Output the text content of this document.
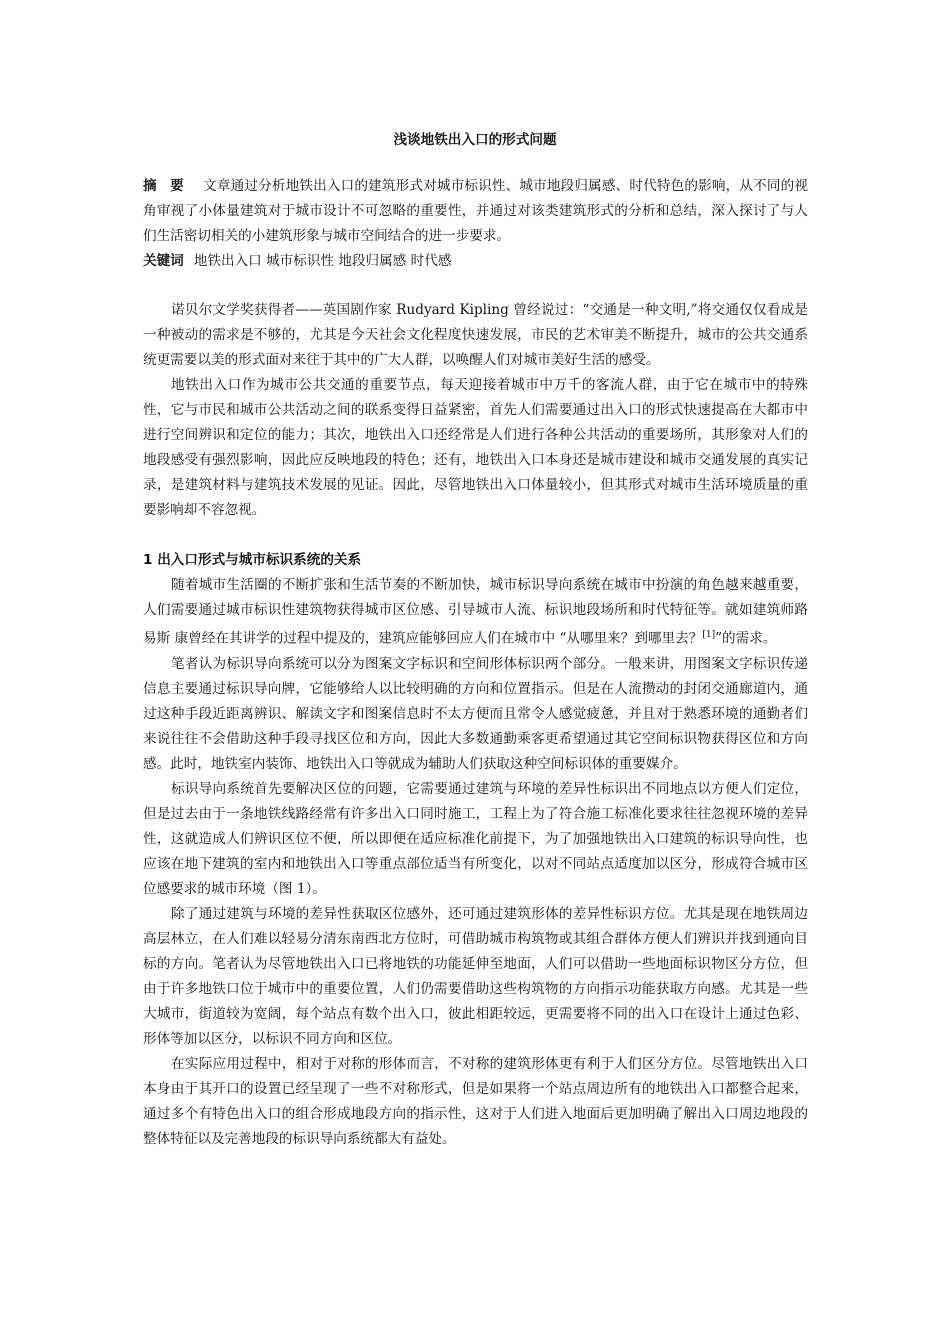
浅谈地铁出入口的形式问题
摘　要 文章通过分析地铁出入口的建筑形式对城市标识性、城市地段归属感、时代特色的影响，从不同的视角审视了小体量建筑对于城市设计不可忽略的重要性，并通过对该类建筑形式的分析和总结，深入探讨了与人们生活密切相关的小建筑形象与城市空间结合的进一步要求。
关键词 地铁出入口 城市标识性 地段归属感 时代感

诺贝尔文学奖获得者——英国剧作家 Rudyard Kipling 曾经说过：“交通是一种文明,”将交通仅仅看成是一种被动的需求是不够的，尤其是今天社会文化程度快速发展，市民的艺术审美不断提升，城市的公共交通系统更需要以美的形式面对来往于其中的广大人群，以唤醒人们对城市美好生活的感受。

地铁出入口作为城市公共交通的重要节点，每天迎接着城市中万千的客流人群，由于它在城市中的特殊性，它与市民和城市公共活动之间的联系变得日益紧密，首先人们需要通过出入口的形式快速提高在大都市中进行空间辨识和定位的能力；其次，地铁出入口还经常是人们进行各种公共活动的重要场所，其形象对人们的地段感受有强烈影响，因此应反映地段的特色；还有，地铁出入口本身还是城市建设和城市交通发展的真实记录，是建筑材料与建筑技术发展的见证。因此，尽管地铁出入口体量较小，但其形式对城市生活环境质量的重要影响却不容忽视。

1 出入口形式与城市标识系统的关系

随着城市生活圈的不断扩张和生活节奏的不断加快，城市标识导向系统在城市中扮演的角色越来越重要，人们需要通过城市标识性建筑物获得城市区位感、引导城市人流、标识地段场所和时代特征等。就如建筑师路易斯 康曾经在其讲学的过程中提及的，建筑应能够回应人们在城市中 “从哪里来？到哪里去？[1]”的需求。

笔者认为标识导向系统可以分为图案文字标识和空间形体标识两个部分。一般来讲，用图案文字标识传递信息主要通过标识导向牌，它能够给人以比较明确的方向和位置指示。但是在人流攒动的封闭交通廊道内，通过这种手段近距离辨识、解读文字和图案信息时不太方便而且常令人感觉疲惫，并且对于熟悉环境的通勤者们来说往往不会借助这种手段寻找区位和方向，因此大多数通勤乘客更希望通过其它空间标识物获得区位和方向感。此时，地铁室内装饰、地铁出入口等就成为辅助人们获取这种空间标识体的重要媒介。

标识导向系统首先要解决区位的问题，它需要通过建筑与环境的差异性标识出不同地点以方便人们定位，但是过去由于一条地铁线路经常有许多出入口同时施工，工程上为了符合施工标准化要求往往忽视环境的差异性，这就造成人们辨识区位不便，所以即便在适应标准化前提下，为了加强地铁出入口建筑的标识导向性，也应该在地下建筑的室内和地铁出入口等重点部位适当有所变化，以对不同站点适度加以区分，形成符合城市区位感要求的城市环境（图 1）。

除了通过建筑与环境的差异性获取区位感外，还可通过建筑形体的差异性标识方位。尤其是现在地铁周边高层林立，在人们难以轻易分清东南西北方位时，可借助城市构筑物或其组合群体方便人们辨识并找到通向目标的方向。笔者认为尽管地铁出入口已将地铁的功能延伸至地面，人们可以借助一些地面标识物区分方位，但由于许多地铁口位于城市中的重要位置，人们仍需要借助这些构筑物的方向指示功能获取方向感。尤其是一些大城市，街道较为宽阔，每个站点有数个出入口，彼此相距较远，更需要将不同的出入口在设计上通过色彩、形体等加以区分，以标识不同方向和区位。

在实际应用过程中，相对于对称的形体而言，不对称的建筑形体更有利于人们区分方位。尽管地铁出入口本身由于其开口的设置已经呈现了一些不对称形式，但是如果将一个站点周边所有的地铁出入口都整合起来，通过多个有特色出入口的组合形成地段方向的指示性，这对于人们进入地面后更加明确了解出入口周边地段的整体特征以及完善地段的标识导向系统都大有益处。
